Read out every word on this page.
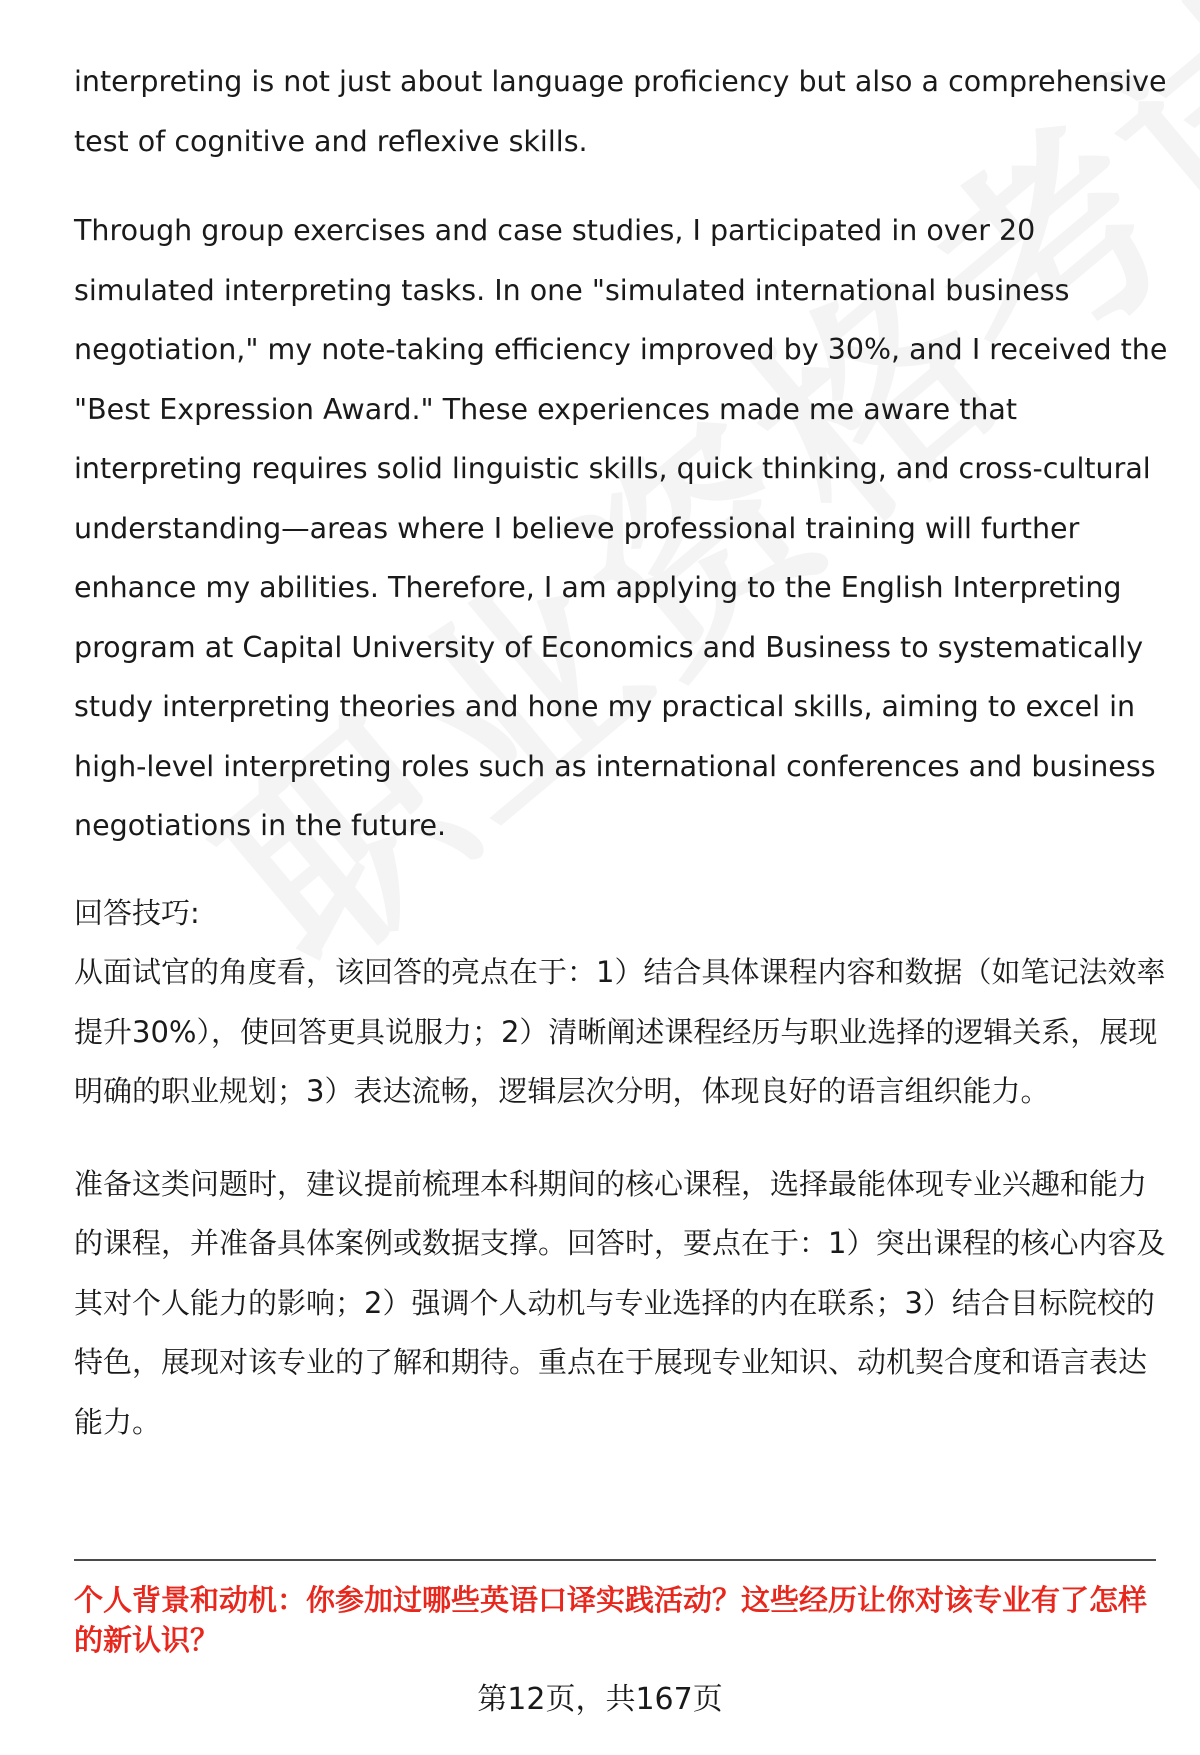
interpreting is not just about language proficiency but also a comprehensive test of cognitive and reflexive skills.

Through group exercises and case studies, I participated in over 20 simulated interpreting tasks. In one "simulated international business negotiation," my note-taking efficiency improved by 30%, and I received the "Best Expression Award." These experiences made me aware that interpreting requires solid linguistic skills, quick thinking, and cross-cultural understanding—areas where I believe professional training will further enhance my abilities. Therefore, I am applying to the English Interpreting program at Capital University of Economics and Business to systematically study interpreting theories and hone my practical skills, aiming to excel in high-level interpreting roles such as international conferences and business negotiations in the future.

回答技巧:

从面试官的角度看，该回答的亮点在于：1）结合具体课程内容和数据（如笔记法效率提升30%），使回答更具说服力；2）清晰阐述课程经历与职业选择的逻辑关系，展现明确的职业规划；3）表达流畅，逻辑层次分明，体现良好的语言组织能力。

准备这类问题时，建议提前梳理本科期间的核心课程，选择最能体现专业兴趣和能力的课程，并准备具体案例或数据支撑。回答时，要点在于：1）突出课程的核心内容及其对个人能力的影响；2）强调个人动机与专业选择的内在联系；3）结合目标院校的特色，展现对该专业的了解和期待。重点在于展现专业知识、动机契合度和语言表达能力。

个人背景和动机：你参加过哪些英语口译实践活动？这些经历让你对该专业有了怎样的新认识？

第12页，共167页
